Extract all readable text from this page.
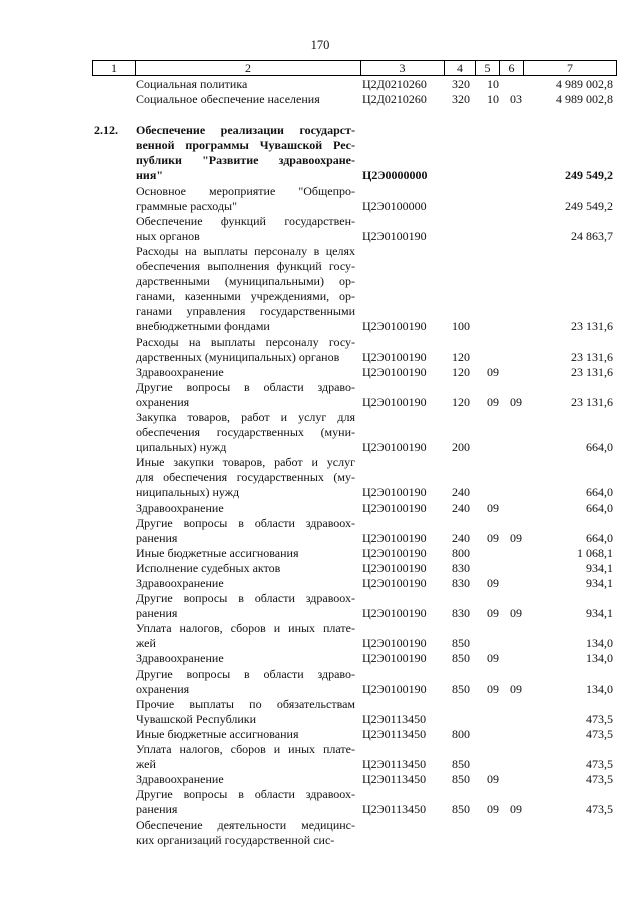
170
1	2	3	4	5	6	7
Социальная политика	Ц2Д0210260 320 10	4 989 002,8
Социальное обеспечение населения	Ц2Д0210260 320 10 03	4 989 002,8
2.12. Обеспечение реализации государст-
венной программы Чувашской Рес-
публики "Развитие здравоохране-
ния"	Ц2Э0000000	249 549,2
Основное мероприятие "Общепро-
граммные расходы"	Ц2Э0100000	249 549,2
Обеспечение функций государствен-
ных органов	Ц2Э0100190	24 863,7
Расходы на выплаты персоналу в целях
обеспечения выполнения функций госу-
дарственными (муниципальными) ор-
ганами, казенными учреждениями, ор-
ганами управления государственными
внебюджетными фондами	Ц2Э0100190 100	23 131,6
Расходы на выплаты персоналу госу-
дарственных (муниципальных) органов	Ц2Э0100190 120	23 131,6
Здравоохранение	Ц2Э0100190 120 09	23 131,6
Другие вопросы в области здраво-
охранения	Ц2Э0100190 120 09 09	23 131,6
Закупка товаров, работ и услуг для
обеспечения государственных (муни-
ципальных) нужд	Ц2Э0100190 200	664,0
Иные закупки товаров, работ и услуг
для обеспечения государственных (му-
ниципальных) нужд	Ц2Э0100190 240	664,0
Здравоохранение	Ц2Э0100190 240 09	664,0
Другие вопросы в области здравоох-
ранения	Ц2Э0100190 240 09 09	664,0
Иные бюджетные ассигнования	Ц2Э0100190 800	1 068,1
Исполнение судебных актов	Ц2Э0100190 830	934,1
Здравоохранение	Ц2Э0100190 830 09	934,1
Другие вопросы в области здравоох-
ранения	Ц2Э0100190 830 09 09	934,1
Уплата налогов, сборов и иных плате-
жей	Ц2Э0100190 850	134,0
Здравоохранение	Ц2Э0100190 850 09	134,0
Другие вопросы в области здраво-
охранения	Ц2Э0100190 850 09 09	134,0
Прочие выплаты по обязательствам
Чувашской Республики	Ц2Э0113450	473,5
Иные бюджетные ассигнования	Ц2Э0113450 800	473,5
Уплата налогов, сборов и иных плате-
жей	Ц2Э0113450 850	473,5
Здравоохранение	Ц2Э0113450 850 09	473,5
Другие вопросы в области здравоох-
ранения	Ц2Э0113450 850 09 09	473,5
Обеспечение деятельности медицинс-
ких организаций государственной сис-
